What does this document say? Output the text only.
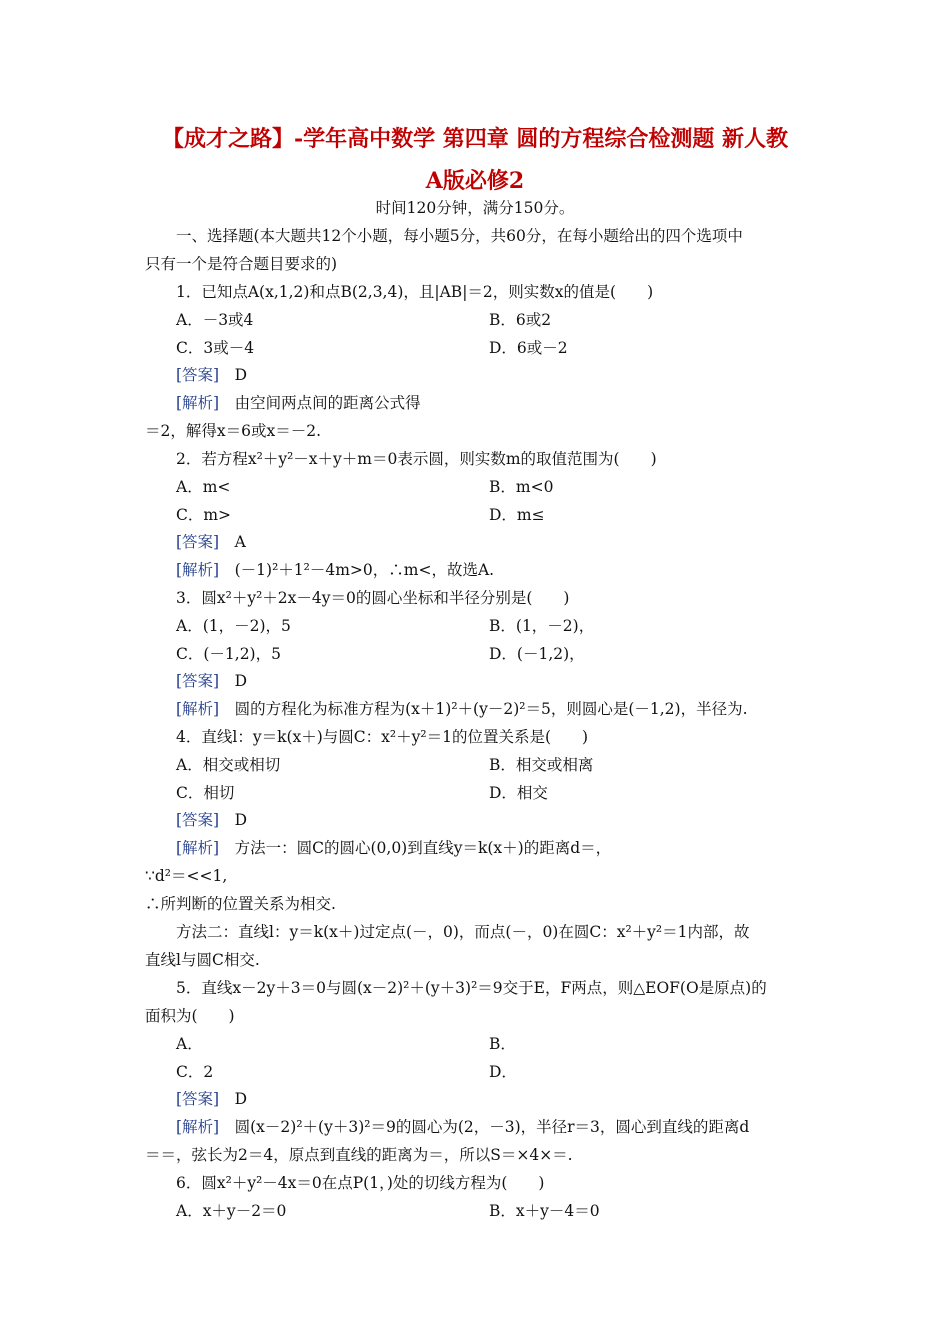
【成才之路】-学年高中数学 第四章 圆的方程综合检测题 新人教
A版必修2
时间120分钟，满分150分。
一、选择题(本大题共12个小题，每小题5分，共60分，在每小题给出的四个选项中
只有一个是符合题目要求的)
1．已知点A(x,1,2)和点B(2,3,4)，且|AB|＝2，则实数x的值是(　　)
A．－3或4	B．6或2
C．3或－4	D．6或－2
[答案]　 D
[解析]　 由空间两点间的距离公式得
＝2，解得x＝6或x＝－2.
2．若方程x²＋y²－x＋y＋m＝0表示圆，则实数m的取值范围为(　　)
A．m<	B．m<0
C．m>	D．m≤
[答案]　 A
[解析]　 (－1)²＋1²－4m>0，∴m<，故选A.
3．圆x²＋y²＋2x－4y＝0的圆心坐标和半径分别是(　　)
A．(1，－2)，5	B．(1，－2)，
C．(－1,2)，5	D．(－1,2)，
[答案]　 D
[解析]　 圆的方程化为标准方程为(x＋1)²＋(y－2)²＝5，则圆心是(－1,2)，半径为.
4．直线l：y＝k(x＋)与圆C：x²＋y²＝1的位置关系是(　　)
A．相交或相切	B．相交或相离
C．相切	D．相交
[答案]　 D
[解析]　 方法一：圆C的圆心(0,0)到直线y＝k(x＋)的距离d＝，
∵d²＝<<1,
∴所判断的位置关系为相交.
方法二：直线l：y＝k(x＋)过定点(－，0)，而点(－，0)在圆C：x²＋y²＝1内部，故
直线l与圆C相交.
5．直线x－2y＋3＝0与圆(x－2)²＋(y＋3)²＝9交于E，F两点，则△EOF(O是原点)的
面积为(　　)
A．	B．
C．2	D．
[答案]　 D
[解析]　 圆(x－2)²＋(y＋3)²＝9的圆心为(2，－3)，半径r＝3，圆心到直线的距离d
＝＝，弦长为2＝4，原点到直线的距离为＝，所以S＝×4×＝.
6．圆x²＋y²－4x＝0在点P(1，)处的切线方程为(　　)
A．x＋y－2＝0	B．x＋y－4＝0
